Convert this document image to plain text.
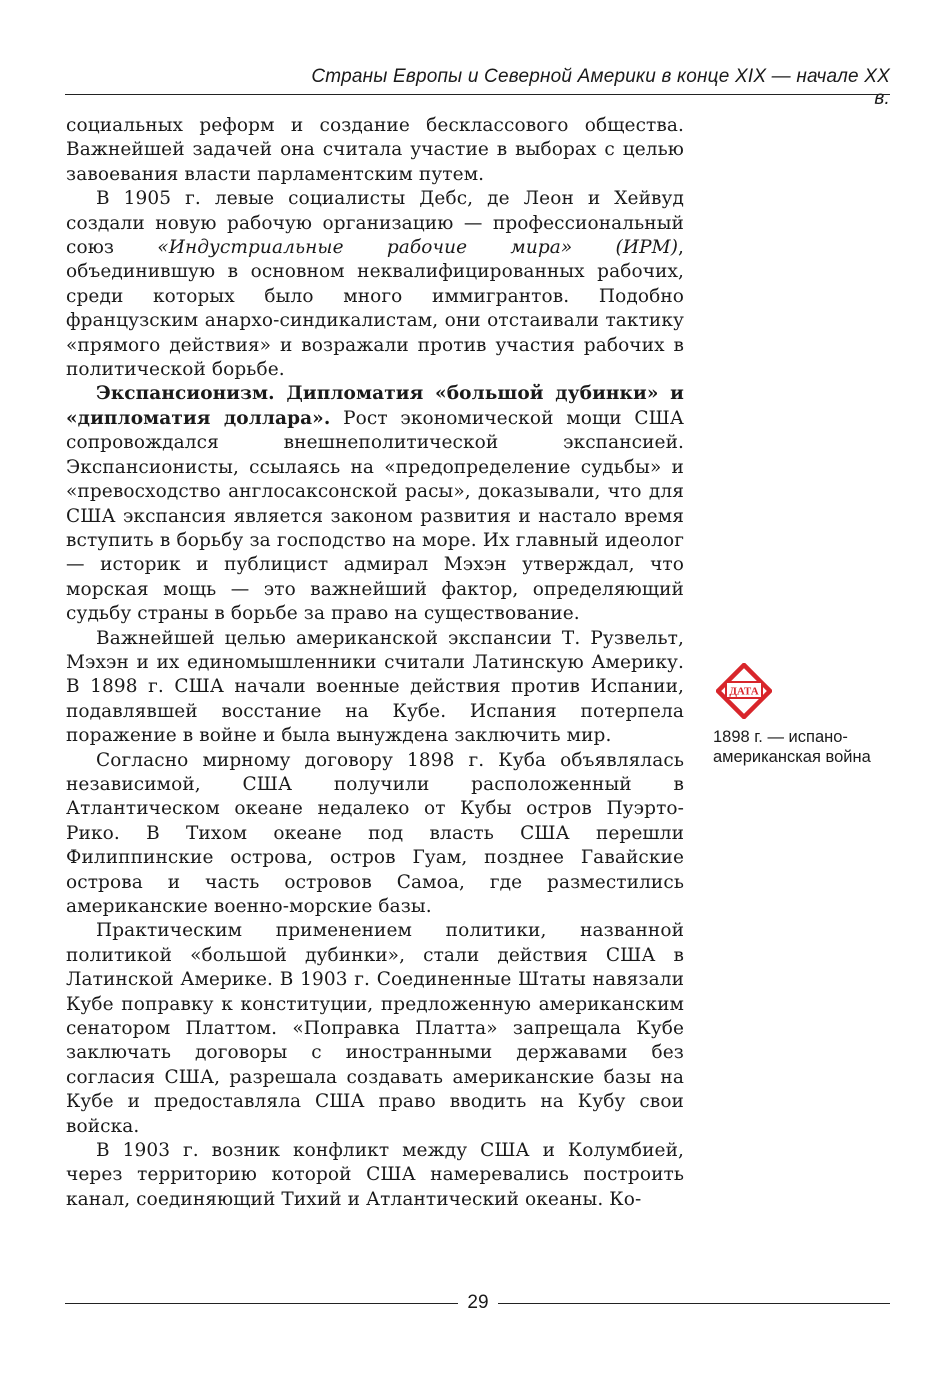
Страны Европы и Северной Америки в конце XIX — начале XX в.

социальных реформ и создание бесклассового общества. Важнейшей задачей она считала участие в выборах с целью завоевания власти парламентским путем.

В 1905 г. левые социалисты Дебс, де Леон и Хейвуд создали новую рабочую организацию — профессиональный союз «Индустриальные рабочие мира» (ИРМ), объединившую в основном неквалифицированных рабочих, среди которых было много иммигрантов. Подобно французским анархо-синдикалистам, они отстаивали тактику «прямого действия» и возражали против участия рабочих в политической борьбе.

Экспансионизм. Дипломатия «большой дубинки» и «дипломатия доллара». Рост экономической мощи США сопровождался внешнеполитической экспансией. Экспансионисты, ссылаясь на «предопределение судьбы» и «превосходство англосаксонской расы», доказывали, что для США экспансия является законом развития и настало время вступить в борьбу за господство на море. Их главный идеолог — историк и публицист адмирал Мэхэн утверждал, что морская мощь — это важнейший фактор, определяющий судьбу страны в борьбе за право на существование.

Важнейшей целью американской экспансии Т. Рузвельт, Мэхэн и их единомышленники считали Латинскую Америку. В 1898 г. США начали военные действия против Испании, подавлявшей восстание на Кубе. Испания потерпела поражение в войне и была вынуждена заключить мир.

Согласно мирному договору 1898 г. Куба объявлялась независимой, США получили расположенный в Атлантическом океане недалеко от Кубы остров Пуэрто-Рико. В Тихом океане под власть США перешли Филиппинские острова, остров Гуам, позднее Гавайские острова и часть островов Самоа, где разместились американские военно-морские базы.

Практическим применением политики, названной политикой «большой дубинки», стали действия США в Латинской Америке. В 1903 г. Соединенные Штаты навязали Кубе поправку к конституции, предложенную американским сенатором Платтом. «Поправка Платта» запрещала Кубе заключать договоры с иностранными державами без согласия США, разрешала создавать американские базы на Кубе и предоставляла США право вводить на Кубу свои войска.

В 1903 г. возник конфликт между США и Колумбией, через территорию которой США намеревались построить канал, соединяющий Тихий и Атлантический океаны. Ко-

ДАТА
1898 г. — испано-американская война
29
